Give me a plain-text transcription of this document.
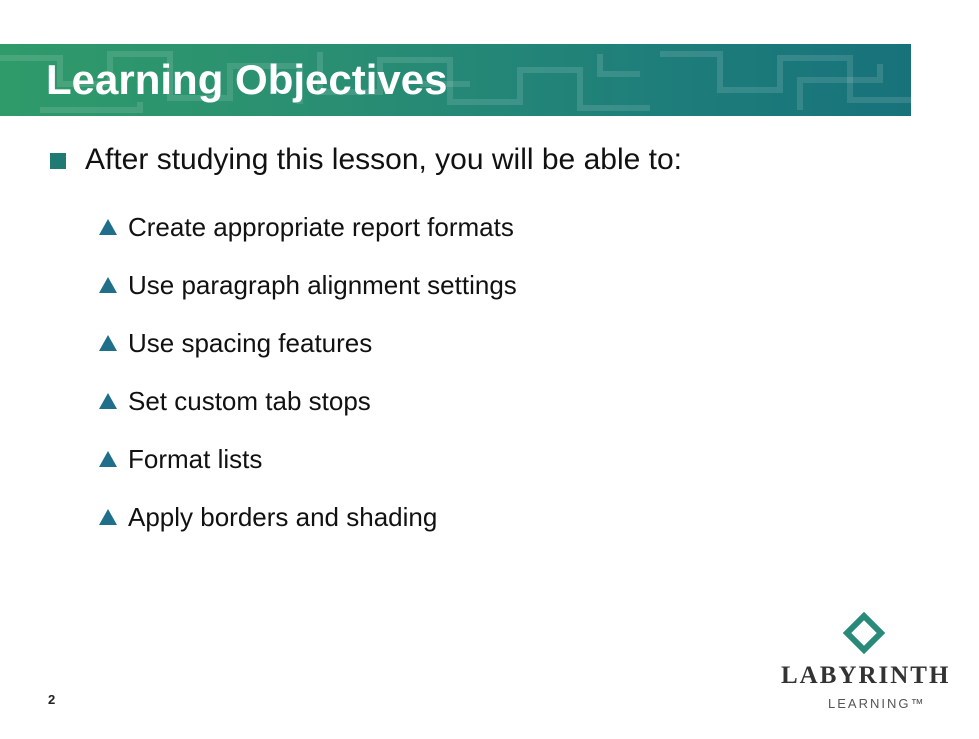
Learning Objectives
After studying this lesson, you will be able to:
Create appropriate report formats
Use paragraph alignment settings
Use spacing features
Set custom tab stops
Format lists
Apply borders and shading
2
LABYRINTH
LEARNING™
